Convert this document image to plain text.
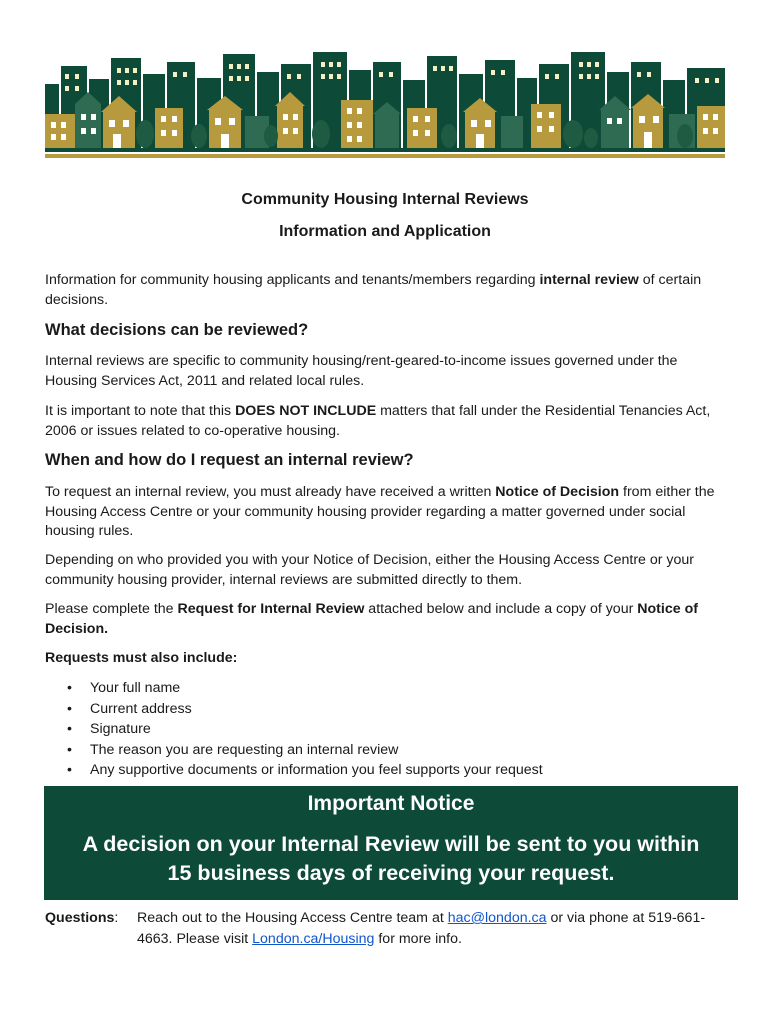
Community Housing Internal Reviews
Information and Application

Information for community housing applicants and tenants/members regarding internal review of certain decisions.

What decisions can be reviewed?

Internal reviews are specific to community housing/rent-geared-to-income issues governed under the Housing Services Act, 2011 and related local rules.

It is important to note that this DOES NOT INCLUDE matters that fall under the Residential Tenancies Act, 2006 or issues related to co-operative housing.

When and how do I request an internal review?

To request an internal review, you must already have received a written Notice of Decision from either the Housing Access Centre or your community housing provider regarding a matter governed under social housing rules.

Depending on who provided you with your Notice of Decision, either the Housing Access Centre or your community housing provider, internal reviews are submitted directly to them.

Please complete the Request for Internal Review attached below and include a copy of your Notice of Decision.

Requests must also include:

• Your full name
• Current address
• Signature
• The reason you are requesting an internal review
• Any supportive documents or information you feel supports your request
Important Notice
A decision on your Internal Review will be sent to you within
15 business days of receiving your request.
Questions: Reach out to the Housing Access Centre team at hac@london.ca or via phone at 519-661-4663. Please visit London.ca/Housing for more info.
